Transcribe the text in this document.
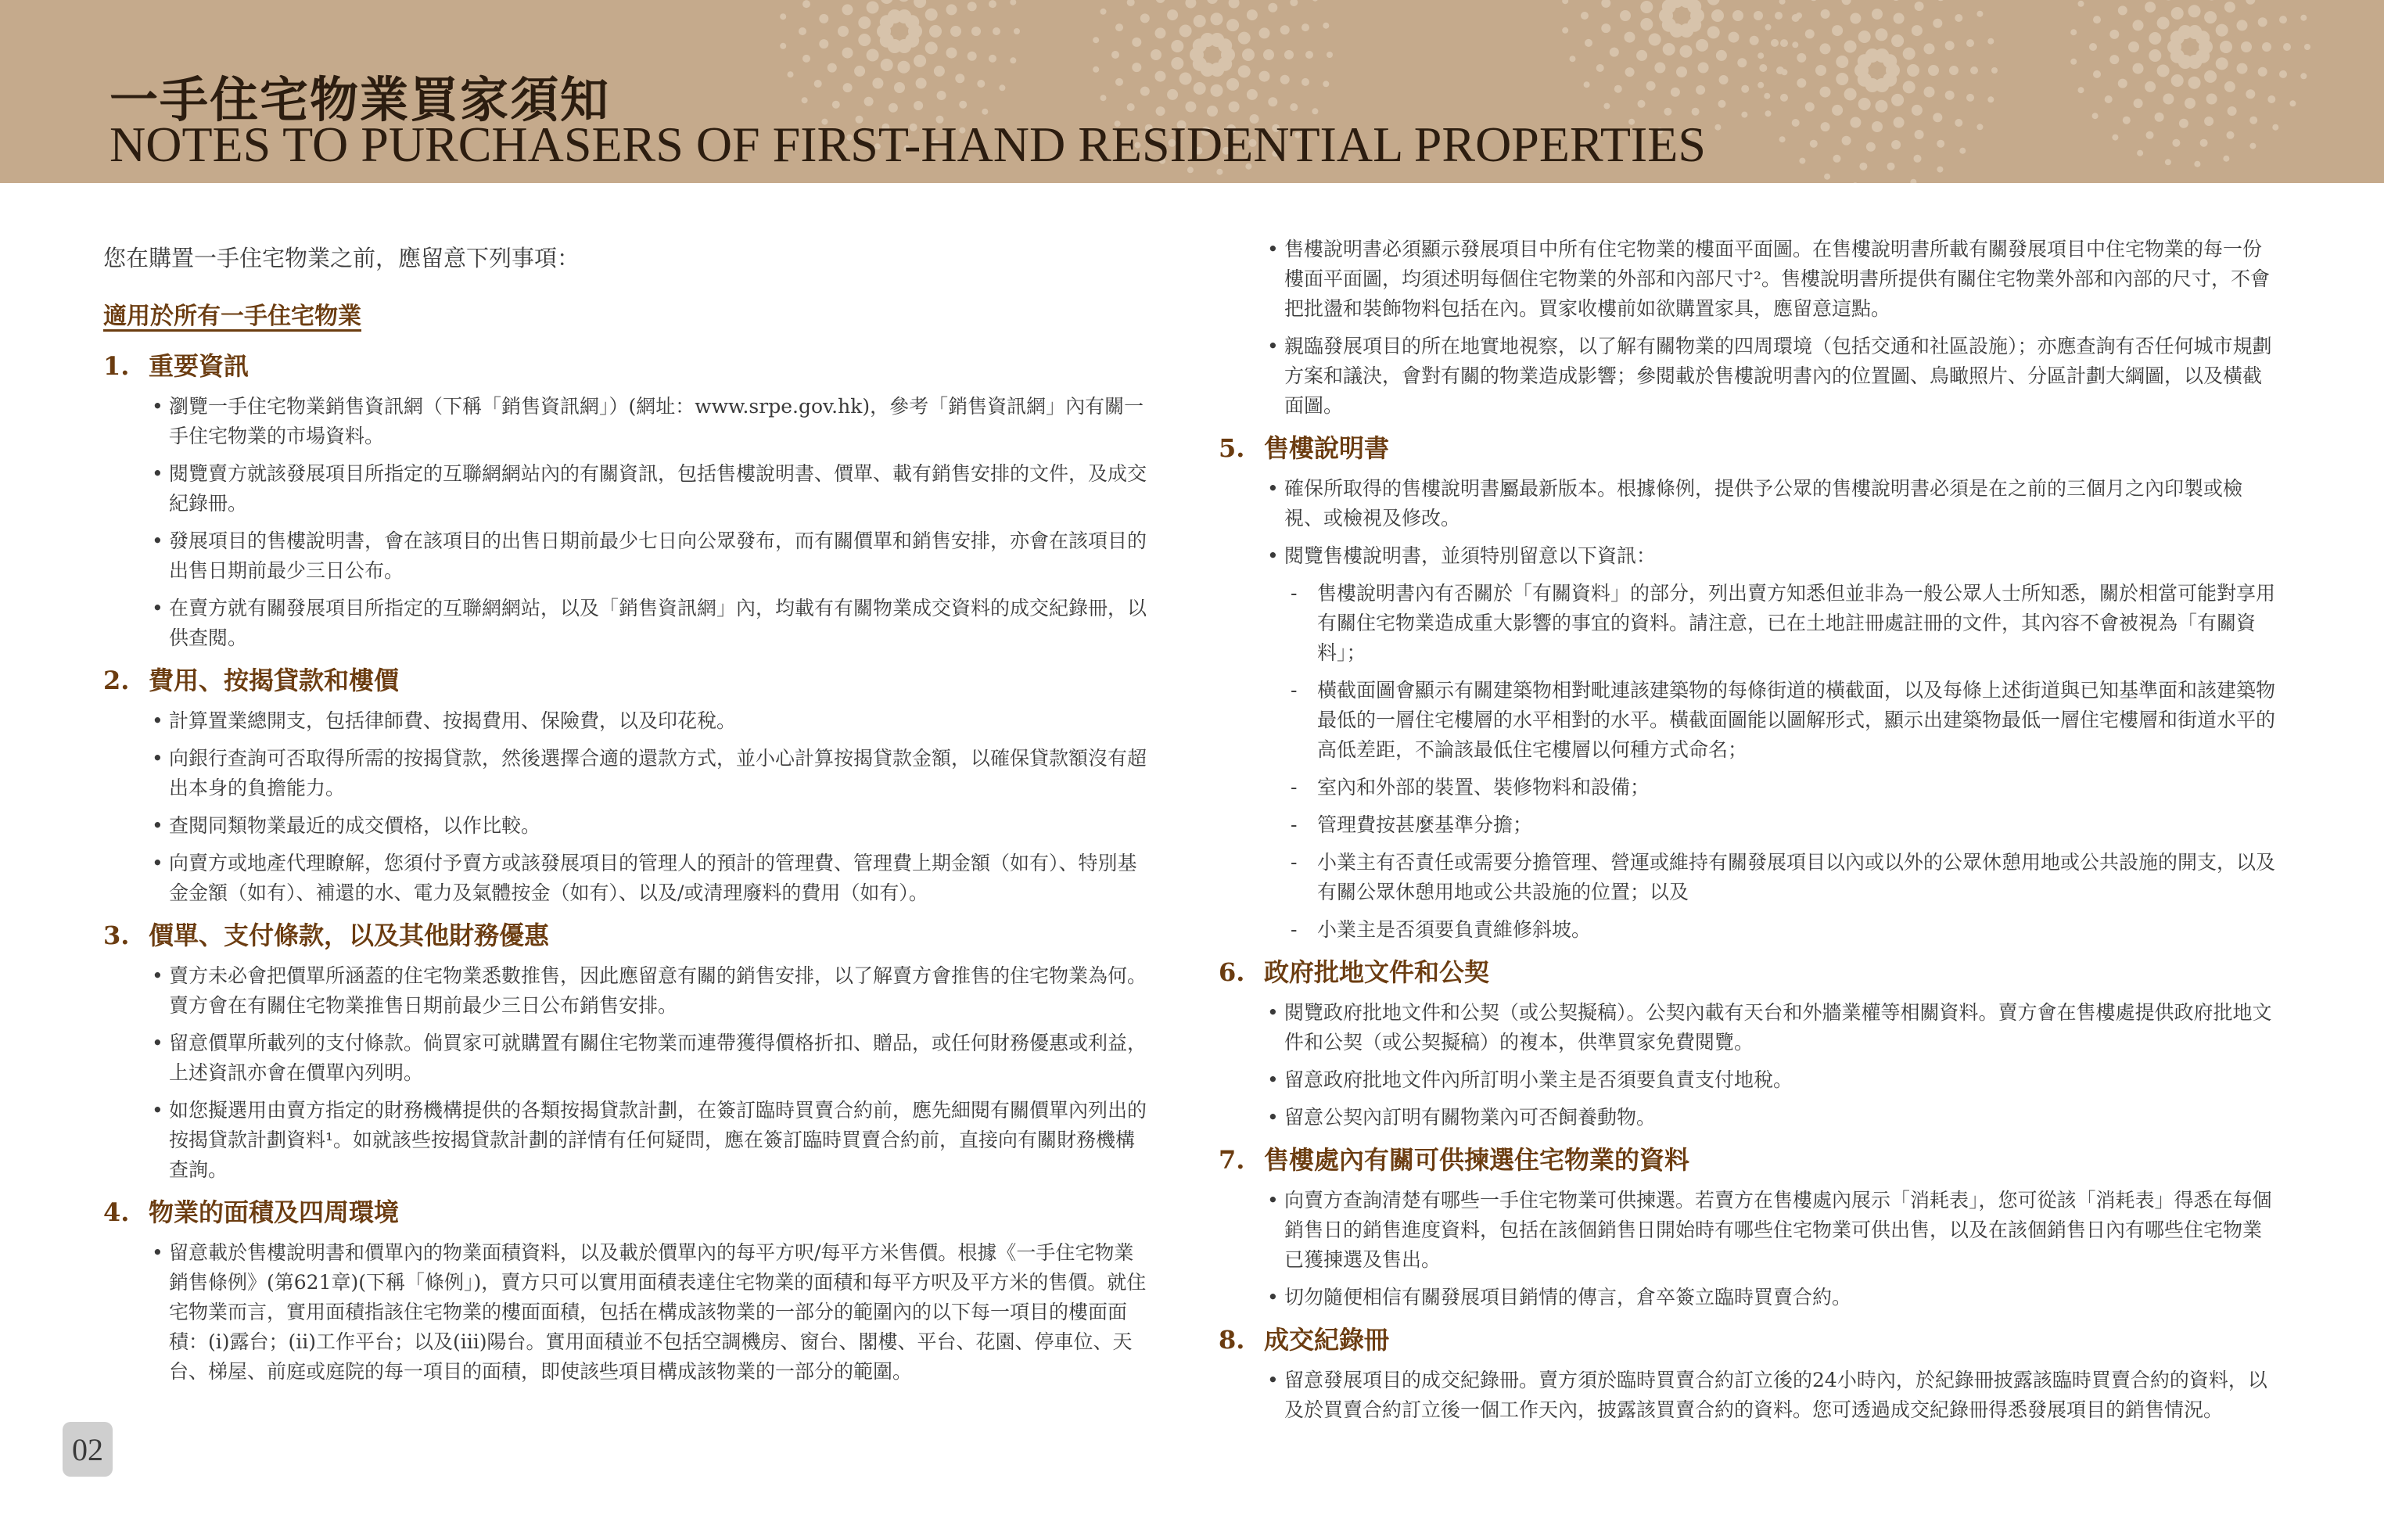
一手住宅物業買家須知
NOTES TO PURCHASERS OF FIRST-HAND RESIDENTIAL PROPERTIES
您在購置一手住宅物業之前，應留意下列事項：
適用於所有一手住宅物業
1. 重要資訊
• 瀏覽一手住宅物業銷售資訊網（下稱「銷售資訊網」）(網址：www.srpe.gov.hk)，參考「銷售資訊網」內有關一手住宅物業的市場資料。
• 閱覽賣方就該發展項目所指定的互聯網網站內的有關資訊，包括售樓說明書、價單、載有銷售安排的文件，及成交紀錄冊。
• 發展項目的售樓說明書，會在該項目的出售日期前最少七日向公眾發布，而有關價單和銷售安排，亦會在該項目的出售日期前最少三日公布。
• 在賣方就有關發展項目所指定的互聯網網站，以及「銷售資訊網」內，均載有有關物業成交資料的成交紀錄冊，以供查閱。
2. 費用、按揭貸款和樓價
• 計算置業總開支，包括律師費、按揭費用、保險費，以及印花稅。
• 向銀行查詢可否取得所需的按揭貸款，然後選擇合適的還款方式，並小心計算按揭貸款金額，以確保貸款額沒有超出本身的負擔能力。
• 查閱同類物業最近的成交價格，以作比較。
• 向賣方或地產代理瞭解，您須付予賣方或該發展項目的管理人的預計的管理費、管理費上期金額（如有）、特別基金金額（如有）、補還的水、電力及氣體按金（如有）、以及/或清理廢料的費用（如有）。
3. 價單、支付條款，以及其他財務優惠
• 賣方未必會把價單所涵蓋的住宅物業悉數推售，因此應留意有關的銷售安排，以了解賣方會推售的住宅物業為何。賣方會在有關住宅物業推售日期前最少三日公布銷售安排。
• 留意價單所載列的支付條款。倘買家可就購置有關住宅物業而連帶獲得價格折扣、贈品，或任何財務優惠或利益，上述資訊亦會在價單內列明。
• 如您擬選用由賣方指定的財務機構提供的各類按揭貸款計劃，在簽訂臨時買賣合約前，應先細閱有關價單內列出的按揭貸款計劃資料¹。如就該些按揭貸款計劃的詳情有任何疑問，應在簽訂臨時買賣合約前，直接向有關財務機構查詢。
4. 物業的面積及四周環境
• 留意載於售樓說明書和價單內的物業面積資料，以及載於價單內的每平方呎/每平方米售價。根據《一手住宅物業銷售條例》(第621章)(下稱「條例」)，賣方只可以實用面積表達住宅物業的面積和每平方呎及平方米的售價。就住宅物業而言，實用面積指該住宅物業的樓面面積，包括在構成該物業的一部分的範圍內的以下每一項目的樓面面積：(i)露台；(ii)工作平台；以及(iii)陽台。實用面積並不包括空調機房、窗台、閣樓、平台、花園、停車位、天台、梯屋、前庭或庭院的每一項目的面積，即使該些項目構成該物業的一部分的範圍。
• 售樓說明書必須顯示發展項目中所有住宅物業的樓面平面圖。在售樓說明書所載有關發展項目中住宅物業的每一份樓面平面圖，均須述明每個住宅物業的外部和內部尺寸²。售樓說明書所提供有關住宅物業外部和內部的尺寸，不會把批盪和裝飾物料包括在內。買家收樓前如欲購置家具，應留意這點。
• 親臨發展項目的所在地實地視察，以了解有關物業的四周環境（包括交通和社區設施）；亦應查詢有否任何城市規劃方案和議決，會對有關的物業造成影響；參閱載於售樓說明書內的位置圖、鳥瞰照片、分區計劃大綱圖，以及橫截面圖。
5. 售樓說明書
• 確保所取得的售樓說明書屬最新版本。根據條例，提供予公眾的售樓說明書必須是在之前的三個月之內印製或檢視、或檢視及修改。
• 閱覽售樓說明書，並須特別留意以下資訊：
- 售樓說明書內有否關於「有關資料」的部分，列出賣方知悉但並非為一般公眾人士所知悉，關於相當可能對享用有關住宅物業造成重大影響的事宜的資料。請注意，已在土地註冊處註冊的文件，其內容不會被視為「有關資料」；
- 橫截面圖會顯示有關建築物相對毗連該建築物的每條街道的橫截面，以及每條上述街道與已知基準面和該建築物最低的一層住宅樓層的水平相對的水平。橫截面圖能以圖解形式，顯示出建築物最低一層住宅樓層和街道水平的高低差距，不論該最低住宅樓層以何種方式命名；
- 室內和外部的裝置、裝修物料和設備；
- 管理費按甚麼基準分擔；
- 小業主有否責任或需要分擔管理、營運或維持有關發展項目以內或以外的公眾休憩用地或公共設施的開支，以及有關公眾休憩用地或公共設施的位置；以及
- 小業主是否須要負責維修斜坡。
6. 政府批地文件和公契
• 閱覽政府批地文件和公契（或公契擬稿）。公契內載有天台和外牆業權等相關資料。賣方會在售樓處提供政府批地文件和公契（或公契擬稿）的複本，供準買家免費閱覽。
• 留意政府批地文件內所訂明小業主是否須要負責支付地稅。
• 留意公契內訂明有關物業內可否飼養動物。
7. 售樓處內有關可供揀選住宅物業的資料
• 向賣方查詢清楚有哪些一手住宅物業可供揀選。若賣方在售樓處內展示「消耗表」，您可從該「消耗表」得悉在每個銷售日的銷售進度資料，包括在該個銷售日開始時有哪些住宅物業可供出售，以及在該個銷售日內有哪些住宅物業已獲揀選及售出。
• 切勿隨便相信有關發展項目銷情的傳言，倉卒簽立臨時買賣合約。
8. 成交紀錄冊
• 留意發展項目的成交紀錄冊。賣方須於臨時買賣合約訂立後的24小時內，於紀錄冊披露該臨時買賣合約的資料，以及於買賣合約訂立後一個工作天內，披露該買賣合約的資料。您可透過成交紀錄冊得悉發展項目的銷售情況。
02
